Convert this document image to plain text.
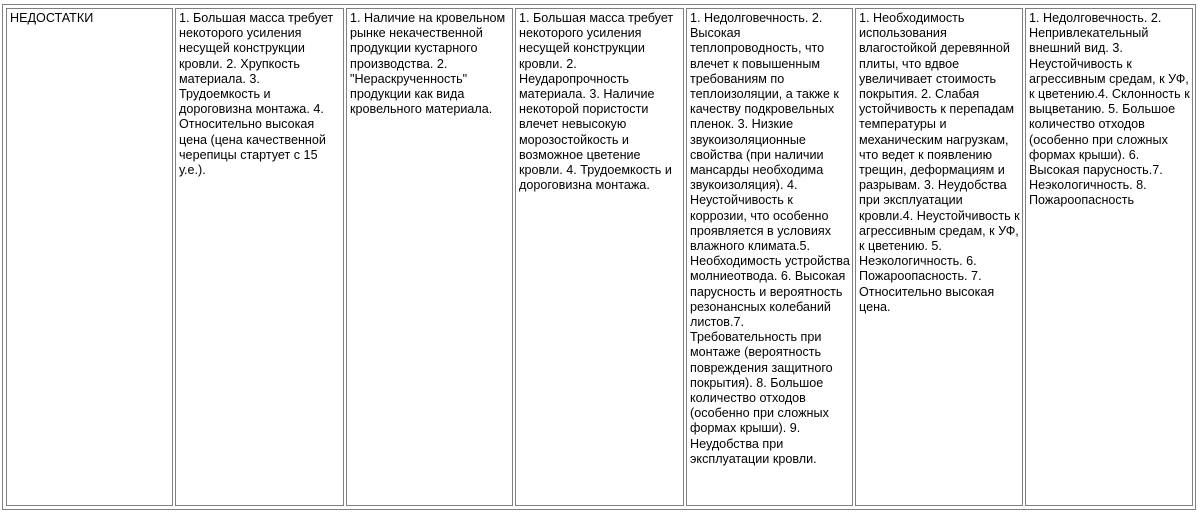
НЕДОСТАТКИ	1. Большая масса требует некоторого усиления несущей конструкции кровли. 2. Хрупкость материала. 3. Трудоемкость и дороговизна монтажа. 4. Относительно высокая цена (цена качественной черепицы стартует с 15 у.е.).	1. Наличие на кровельном рынке некачественной продукции кустарного производства. 2. "Нераскрученность" продукции как вида кровельного материала.	1. Большая масса требует некоторого усиления несущей конструкции кровли. 2. Неударопрочность материала. 3. Наличие некоторой пористости влечет невысокую морозостойкость и возможное цветение кровли. 4. Трудоемкость и дороговизна монтажа.	1. Недолговечность. 2. Высокая теплопроводность, что влечет к повышенным требованиям по теплоизоляции, а также к качеству подкровельных пленок. 3. Низкие звукоизоляционные свойства (при наличии мансарды необходима звукоизоляция). 4. Неустойчивость к коррозии, что особенно проявляется в условиях влажного климата.5. Необходимость устройства молниеотвода. 6. Высокая парусность и вероятность резонансных колебаний листов.7. Требовательность при монтаже (вероятность повреждения защитного покрытия). 8. Большое количество отходов (особенно при сложных формах крыши). 9. Неудобства при эксплуатации кровли.	1. Необходимость использования влагостойкой деревянной плиты, что вдвое увеличивает стоимость покрытия. 2. Слабая устойчивость к перепадам температуры и механическим нагрузкам, что ведет к появлению трещин, деформациям и разрывам. 3. Неудобства при эксплуатации кровли.4. Неустойчивость к агрессивным средам, к УФ, к цветению. 5. Неэкологичность. 6. Пожароопасность. 7. Относительно высокая цена.	1. Недолговечность. 2. Непривлекательный внешний вид. 3. Неустойчивость к агрессивным средам, к УФ, к цветению.4. Склонность к выцветанию. 5. Большое количество отходов (особенно при сложных формах крыши). 6. Высокая парусность.7. Неэкологичность. 8. Пожароопасность
